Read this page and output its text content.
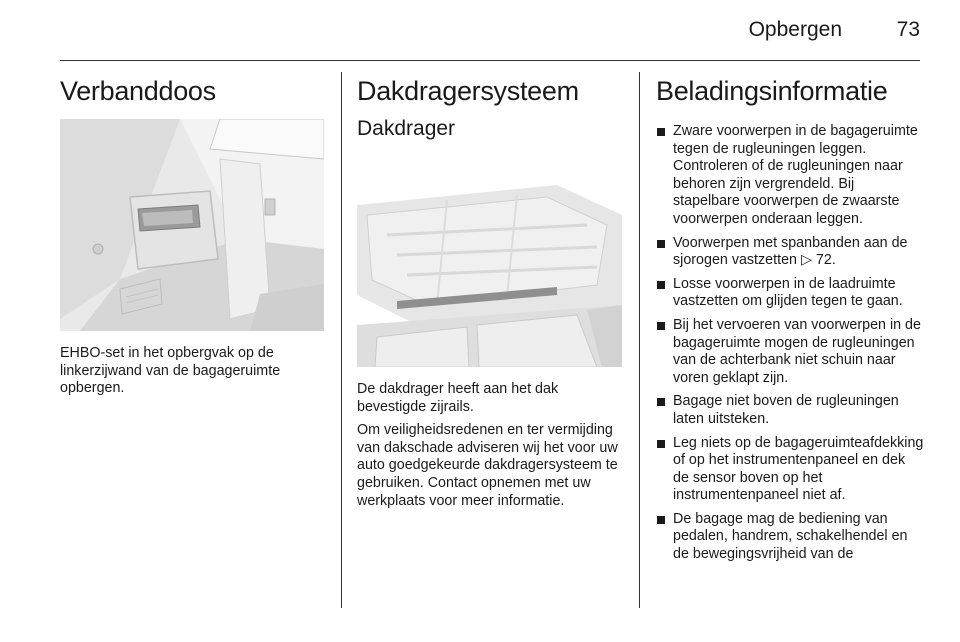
Opbergen	73
Verbanddoos

EHBO-set in het opbergvak op de linkerzijwand van de bagageruimte opbergen.

Dakdragersysteem
Dakdrager

De dakdrager heeft aan het dak bevestigde zijrails.

Om veiligheidsredenen en ter vermijding van dakschade adviseren wij het voor uw auto goedgekeurde dakdragersysteem te gebruiken. Contact opnemen met uw werkplaats voor meer informatie.

Beladingsinformatie
Zware voorwerpen in de bagageruimte tegen de rugleuningen leggen. Controleren of de rugleuningen naar behoren zijn vergrendeld. Bij stapelbare voorwerpen de zwaarste voorwerpen onderaan leggen.
Voorwerpen met spanbanden aan de sjorogen vastzetten ▷ 72.
Losse voorwerpen in de laadruimte vastzetten om glijden tegen te gaan.
Bij het vervoeren van voorwerpen in de bagageruimte mogen de rugleuningen van de achterbank niet schuin naar voren geklapt zijn.
Bagage niet boven de rugleuningen laten uitsteken.
Leg niets op de bagageruimteafdekking of op het instrumentenpaneel en dek de sensor boven op het instrumentenpaneel niet af.
De bagage mag de bediening van pedalen, handrem, schakelhendel en de bewegingsvrijheid van de
